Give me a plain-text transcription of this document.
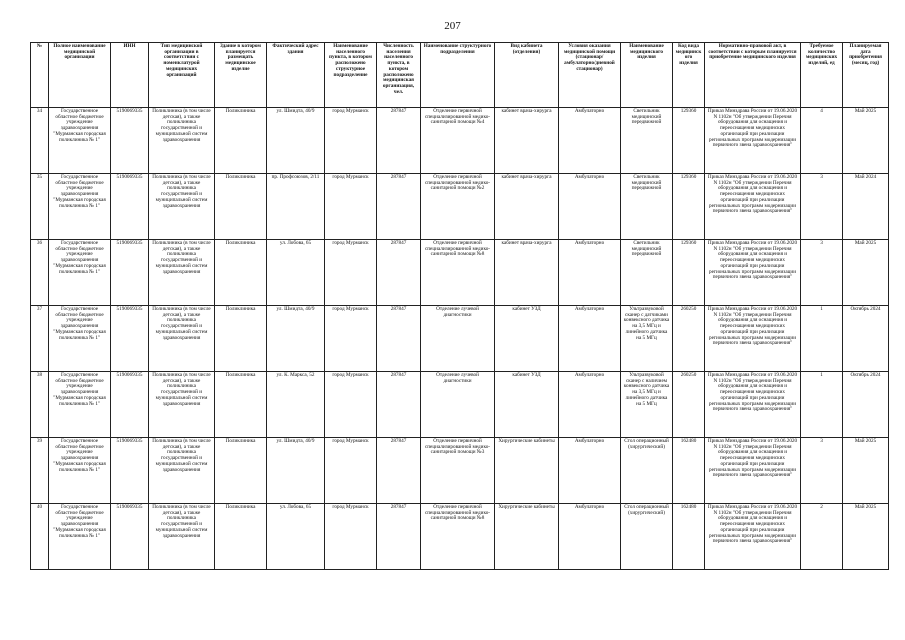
207
№	Полное наименование медицинской организации	ИНН	Тип медицинской организации в соответствии с номенклатурой медицинских организаций	Здание в котором планируется размещать медицинское изделие	Фактический адрес здания	Наименование населенного пункта, в котором расположено структурное подразделение	Численность населения населенного пункта, в котором расположено медицинская организация, чел.	Наименование структурного подразделения	Вид кабинета (отделения)	Условия оказания медицинской помощи (стационар/амбулаторно/дневной стационар)	Наименование медицинского изделия	Код вида медицинского изделия	Нормативно-правовой акт, в соответствии с которым планируется приобретение медицинского изделия	Требуемое количество медицинских изделий, ед	Планируемая дата приобретения (месяц, год)
34	Государственное областное бюджетное учреждение здравоохранения "Мурманская городская поликлиника № 1"	5190069335	Поликлиника (в том числе детская), а также поликлиника государственной и муниципальной систем здравоохранения	Поликлиника	ул. Шмидта, 40/9	город Мурманск	287847	Отделение первичной специализированной медико-санитарной помощи №4	кабинет врача-хирурга	Амбулаторно	Светильник медицинский передвижной	129360	Приказ Минздрава России от 19.06.2020 N 1102н "Об утверждении Перечня оборудования для оснащения и переоснащения медицинских организаций при реализации региональных программ модернизации первичного звена здравоохранения"	4	Май 2025
35	Государственное областное бюджетное учреждение здравоохранения "Мурманская городская поликлиника № 1"	5190069335	Поликлиника (в том числе детская), а также поликлиника государственной и муниципальной систем здравоохранения	Поликлиника	пр. Профсоюзов, 2/11	город Мурманск	287847	Отделение первичной специализированной медико-санитарной помощи №2	кабинет врача-хирурга	Амбулаторно	Светильник медицинский передвижной	129360	Приказ Минздрава России от 19.06.2020 N 1102н "Об утверждении Перечня оборудования для оснащения и переоснащения медицинских организаций при реализации региональных программ модернизации первичного звена здравоохранения"	3	Май 2024
36	Государственное областное бюджетное учреждение здравоохранения "Мурманская городская поликлиника № 1"	5190069335	Поликлиника (в том числе детская), а также поликлиника государственной и муниципальной систем здравоохранения	Поликлиника	ул. Лобова, 65	город Мурманск	287847	Отделение первичной специализированной медико-санитарной помощи №8	кабинет врача-хирурга	Амбулаторно	Светильник медицинский передвижной	129360	Приказ Минздрава России от 19.06.2020 N 1102н "Об утверждении Перечня оборудования для оснащения и переоснащения медицинских организаций при реализации региональных программ модернизации первичного звена здравоохранения"	3	Май 2025
37	Государственное областное бюджетное учреждение здравоохранения "Мурманская городская поликлиника № 1"	5190069335	Поликлиника (в том числе детская), а также поликлиника государственной и муниципальной систем здравоохранения	Поликлиника	ул. Шмидта, 40/9	город Мурманск	287847	Отделение лучевой диагностики	кабинет УЗД	Амбулаторно	Ультразвуковой сканер с датчиками конвексного датчика на 3,5 МГц и линейного датчика на 5 МГц	260250	Приказ Минздрава России от 19.06.2020 N 1102н "Об утверждении Перечня оборудования для оснащения и переоснащения медицинских организаций при реализации региональных программ модернизации первичного звена здравоохранения"	1	Октябрь 2024
38	Государственное областное бюджетное учреждение здравоохранения "Мурманская городская поликлиника № 1"	5190069335	Поликлиника (в том числе детская), а также поликлиника государственной и муниципальной систем здравоохранения	Поликлиника	ул. К. Маркса, 52	город Мурманск	287847	Отделение лучевой диагностики	кабинет УЗД	Амбулаторно	Ультразвуковой сканер с наличием конвексного датчика на 3,5 МГц и линейного датчика на 5 МГц	260250	Приказ Минздрава России от 19.06.2020 N 1102н "Об утверждении Перечня оборудования для оснащения и переоснащения медицинских организаций при реализации региональных программ модернизации первичного звена здравоохранения"	1	Октябрь 2024
39	Государственное областное бюджетное учреждение здравоохранения "Мурманская городская поликлиника № 1"	5190069335	Поликлиника (в том числе детская), а также поликлиника государственной и муниципальной систем здравоохранения	Поликлиника	ул. Шмидта, 40/9	город Мурманск	287847	Отделение первичной специализированной медико-санитарной помощи №3	Хирургические кабинеты	Амбулаторно	Стол операционный (хирургический)	162480	Приказ Минздрава России от 19.06.2020 N 1102н "Об утверждении Перечня оборудования для оснащения и переоснащения медицинских организаций при реализации региональных программ модернизации первичного звена здравоохранения"	3	Май 2025
40	Государственное областное бюджетное учреждение здравоохранения "Мурманская городская поликлиника № 1"	5190069335	Поликлиника (в том числе детская), а также поликлиника государственной и муниципальной систем здравоохранения	Поликлиника	ул. Лобова, 65	город Мурманск	287847	Отделение первичной специализированной медико-санитарной помощи №8	Хирургические кабинеты	Амбулаторно	Стол операционный (хирургический)	162480	Приказ Минздрава России от 19.06.2020 N 1102н "Об утверждении Перечня оборудования для оснащения и переоснащения медицинских организаций при реализации региональных программ модернизации первичного звена здравоохранения"	2	Май 2025
